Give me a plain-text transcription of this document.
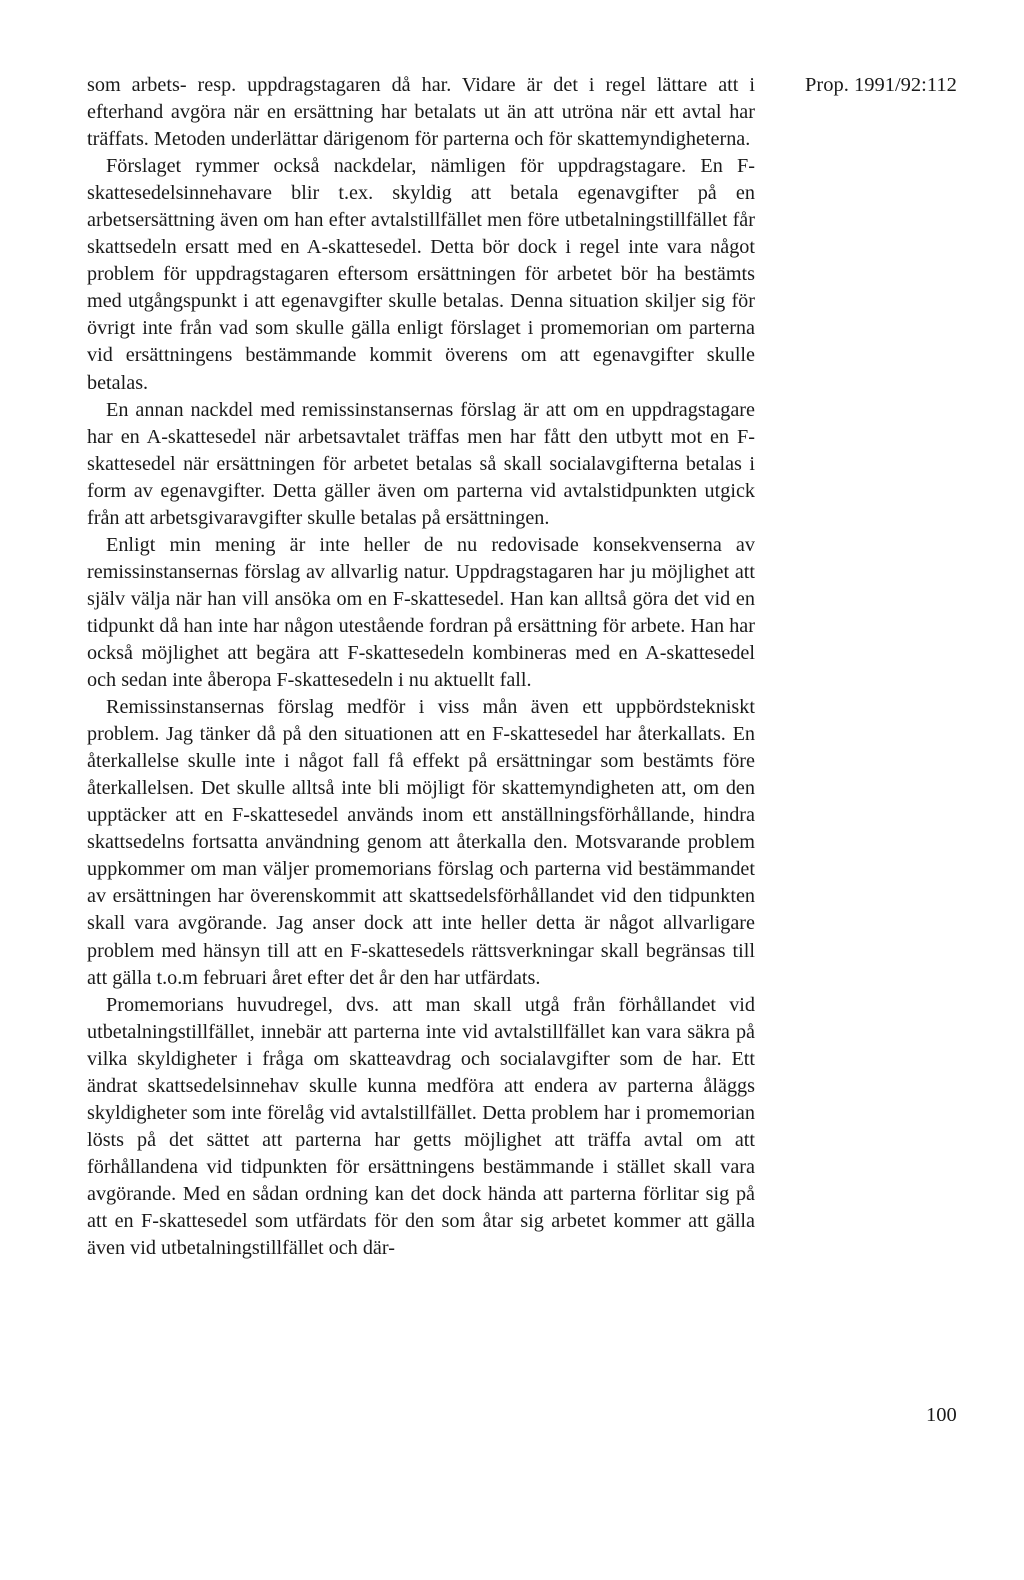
Prop. 1991/92:112

som arbets- resp. uppdragstagaren då har. Vidare är det i regel lättare att i efterhand avgöra när en ersättning har betalats ut än att utröna när ett avtal har träffats. Metoden underlättar därigenom för parterna och för skattemyndigheterna.

Förslaget rymmer också nackdelar, nämligen för uppdragstagare. En F-skattesedelsinnehavare blir t.ex. skyldig att betala egenavgifter på en arbetsersättning även om han efter avtalstillfället men före utbetalningstillfället får skattsedeln ersatt med en A-skattesedel. Detta bör dock i regel inte vara något problem för uppdragstagaren eftersom ersättningen för arbetet bör ha bestämts med utgångspunkt i att egenavgifter skulle betalas. Denna situation skiljer sig för övrigt inte från vad som skulle gälla enligt förslaget i promemorian om parterna vid ersättningens bestämmande kommit överens om att egenavgifter skulle betalas.

En annan nackdel med remissinstansernas förslag är att om en uppdragstagare har en A-skattesedel när arbetsavtalet träffas men har fått den utbytt mot en F-skattesedel när ersättningen för arbetet betalas så skall socialavgifterna betalas i form av egenavgifter. Detta gäller även om parterna vid avtalstidpunkten utgick från att arbetsgivaravgifter skulle betalas på ersättningen.

Enligt min mening är inte heller de nu redovisade konsekvenserna av remissinstansernas förslag av allvarlig natur. Uppdragstagaren har ju möjlighet att själv välja när han vill ansöka om en F-skattesedel. Han kan alltså göra det vid en tidpunkt då han inte har någon utestående fordran på ersättning för arbete. Han har också möjlighet att begära att F-skattesedeln kombineras med en A-skattesedel och sedan inte åberopa F-skattesedeln i nu aktuellt fall.

Remissinstansernas förslag medför i viss mån även ett uppbördstekniskt problem. Jag tänker då på den situationen att en F-skattesedel har återkallats. En återkallelse skulle inte i något fall få effekt på ersättningar som bestämts före återkallelsen. Det skulle alltså inte bli möjligt för skattemyndigheten att, om den upptäcker att en F-skattesedel används inom ett anställningsförhållande, hindra skattsedelns fortsatta användning genom att återkalla den. Motsvarande problem uppkommer om man väljer promemorians förslag och parterna vid bestämmandet av ersättningen har överenskommit att skattsedelsförhållandet vid den tidpunkten skall vara avgörande. Jag anser dock att inte heller detta är något allvarligare problem med hänsyn till att en F-skattesedels rättsverkningar skall begränsas till att gälla t.o.m februari året efter det år den har utfärdats.

Promemorians huvudregel, dvs. att man skall utgå från förhållandet vid utbetalningstillfället, innebär att parterna inte vid avtalstillfället kan vara säkra på vilka skyldigheter i fråga om skatteavdrag och socialavgifter som de har. Ett ändrat skattsedelsinnehav skulle kunna medföra att endera av parterna åläggs skyldigheter som inte förelåg vid avtalstillfället. Detta problem har i promemorian lösts på det sättet att parterna har getts möjlighet att träffa avtal om att förhållandena vid tidpunkten för ersättningens bestämmande i stället skall vara avgörande. Med en sådan ordning kan det dock hända att parterna förlitar sig på att en F-skattesedel som utfärdats för den som åtar sig arbetet kommer att gälla även vid utbetalningstillfället och där-

100
